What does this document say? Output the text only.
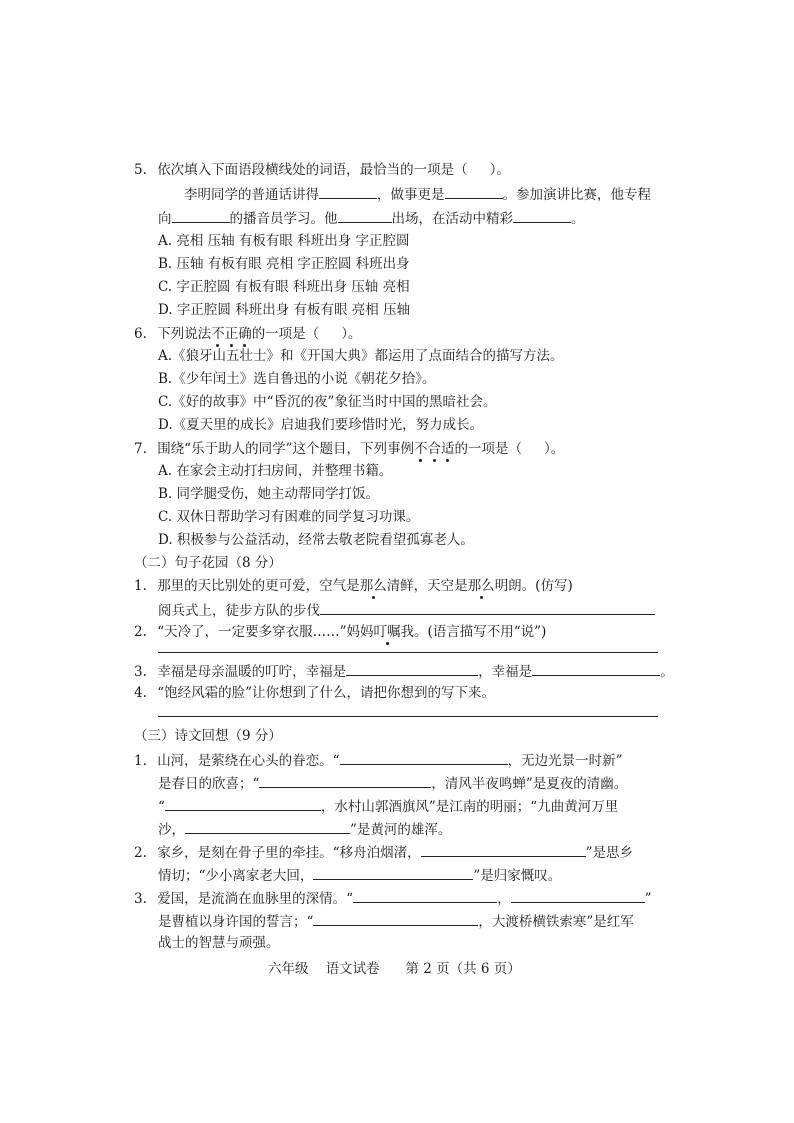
5. 依次填入下面语段横线处的词语，最恰当的一项是（ ）。
李明同学的普通话讲得	，做事更是	。参加演讲比赛，他专程
向	的播音员学习。他	出场，在活动中精彩	。
A. 亮相 压轴 有板有眼 科班出身 字正腔圆
B. 压轴 有板有眼 亮相 字正腔圆 科班出身
C. 字正腔圆 有板有眼 科班出身 压轴 亮相
D. 字正腔圆 科班出身 有板有眼 亮相 压轴
6. 下列说法不正确的一项是（ ）。
A.《狼牙山五壮士》和《开国大典》都运用了点面结合的描写方法。
B.《少年闰土》选自鲁迅的小说《朝花夕拾》。
C.《好的故事》中“昏沉的夜”象征当时中国的黑暗社会。
D.《夏天里的成长》启迪我们要珍惜时光，努力成长。
7. 围绕“乐于助人的同学”这个题目，下列事例不合适的一项是（ ）。
A. 在家会主动打扫房间，并整理书籍。
B. 同学腿受伤，她主动帮同学打饭。
C. 双休日帮助学习有困难的同学复习功课。
D. 积极参与公益活动，经常去敬老院看望孤寡老人。
（二）句子花园（8 分）
1. 那里的天比别处的更可爱，空气是那么清鲜，天空是那么明朗。(仿写)
阅兵式上，徒步方队的步伐
2. “天冷了，一定要多穿衣服……”妈妈叮嘱我。(语言描写不用“说”)
3. 幸福是母亲温暖的叮咛，幸福是	，幸福是	。
4. “饱经风霜的脸”让你想到了什么，请把你想到的写下来。
（三）诗文回想（9 分）
1. 山河，是萦绕在心头的眷恋。“	，无边光景一时新”
是春日的欣喜；“	，清风半夜鸣蝉”是夏夜的清幽。
“	，水村山郭酒旗风”是江南的明丽；“九曲黄河万里
沙，	”是黄河的雄浑。
2. 家乡，是刻在骨子里的牵挂。“移舟泊烟渚，	”是思乡
情切；“少小离家老大回，	”是归家慨叹。
3. 爱国，是流淌在血脉里的深情。“	，	”
是曹植以身许国的誓言；“	，大渡桥横铁索寒”是红军
战士的智慧与顽强。
六年级    语文试卷      第 2 页（共 6 页）
